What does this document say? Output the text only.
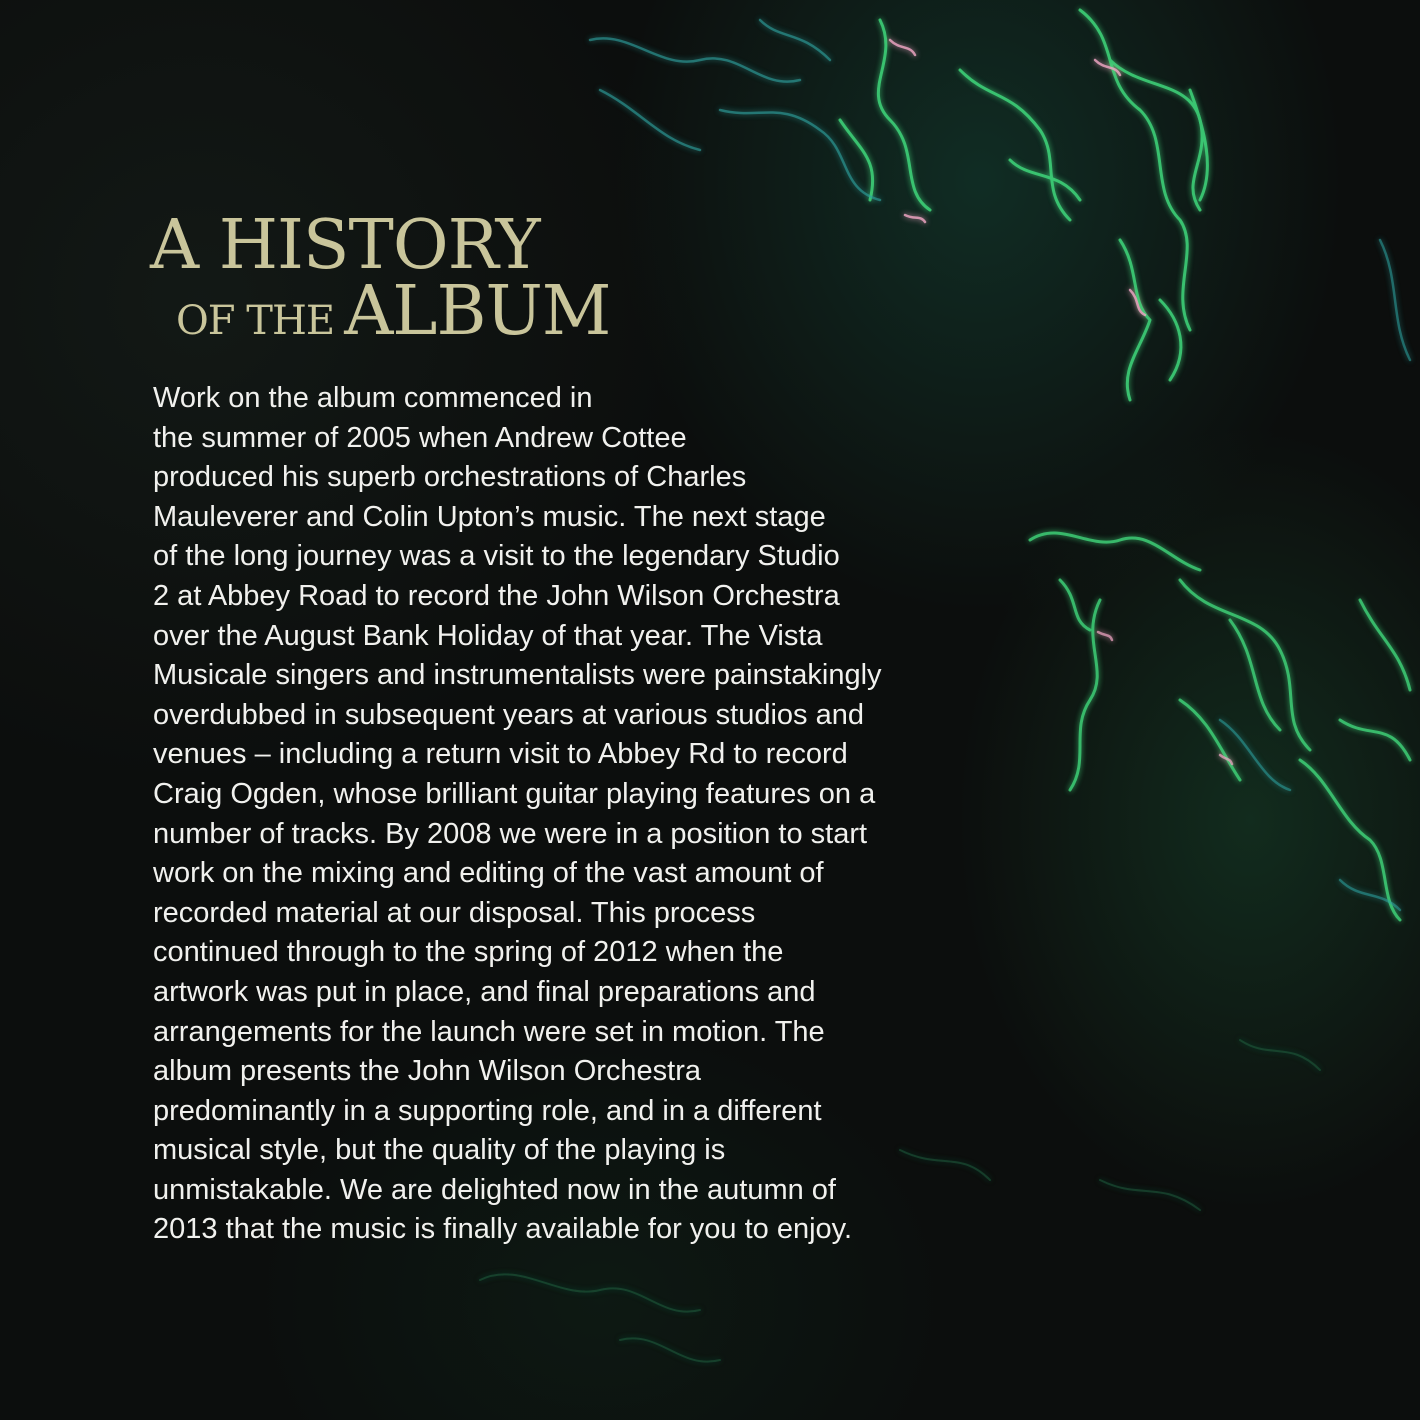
A HISTORY
OF THE ALBUM

Work on the album commenced in
the summer of 2005 when Andrew Cottee
produced his superb orchestrations of Charles
Mauleverer and Colin Upton’s music. The next stage
of the long journey was a visit to the legendary Studio
2 at Abbey Road to record the John Wilson Orchestra
over the August Bank Holiday of that year. The Vista
Musicale singers and instrumentalists were painstakingly
overdubbed in subsequent years at various studios and
venues – including a return visit to Abbey Rd to record
Craig Ogden, whose brilliant guitar playing features on a
number of tracks. By 2008 we were in a position to start
work on the mixing and editing of the vast amount of
recorded material at our disposal. This process
continued through to the spring of 2012 when the
artwork was put in place, and final preparations and
arrangements for the launch were set in motion. The
album presents the John Wilson Orchestra
predominantly in a supporting role, and in a different
musical style, but the quality of the playing is
unmistakable. We are delighted now in the autumn of
2013 that the music is finally available for you to enjoy.
